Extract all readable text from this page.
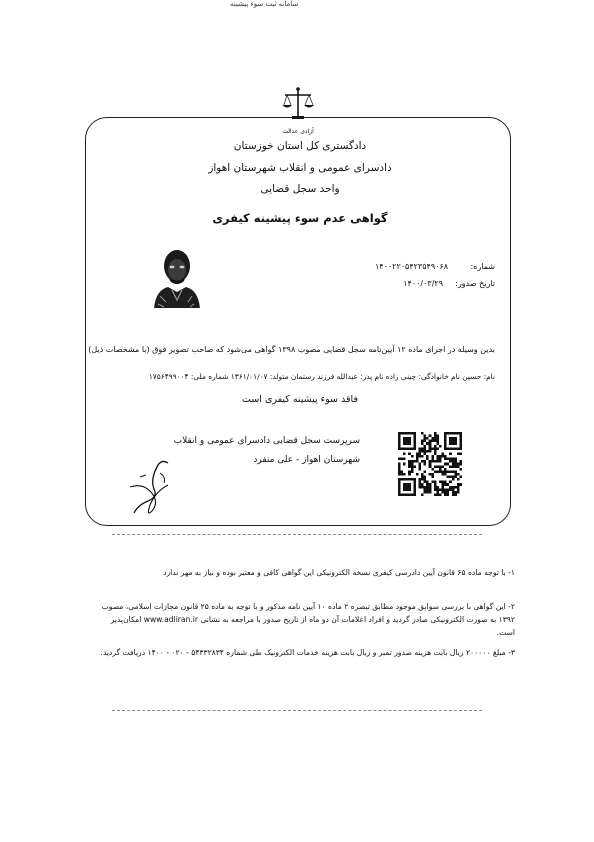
سامانه ثبت سوء پیشینه
آزادی عدالت
دادگستری کل استان خوزستان
دادسرای عمومی و انقلاب شهرستان اهواز
واحد سجل قضایی
گواهی عدم سوء پیشینه کیفری
شماره:
۱۴۰۰۲۲۰۵۴۲۳۵۴۹۰۶۸
تاریخ صدور:
۱۴۰۰/۰۳/۲۹
بدین وسیله در اجرای ماده ۱۲ آیین‌نامه سجل قضایی مصوب ۱۳۹۸ گواهی می‌شود که صاحب تصویر فوق (با مشخصات ذیل)
نام: حسین نام خانوادگی: چینی زاده نام پدر: عبدالله فرزند رستمان متولد: ۱۳۶۱/۰۱/۰۷ شماره ملی: ۱۷۵۶۴۹۹۰۰۴
فاقد سوء پیشینه کیفری است
سرپرست سجل قضایی دادسرای عمومی و انقلاب
شهرستان اهواز - علی منفرد
۱- با توجه ماده ۶۵ قانون آیین دادرسی کیفری نسخه الکترونیکی این گواهی کافی و معتبر بوده و نیاز به مهر ندارد
۲- این گواهی با بررسی سوابق موجود مطابق تبصره ۲ ماده ۱۰ آیین نامه مذکور و با توجه به ماده ۲۵ قانون مجازات اسلامی، مصوب ۱۳۹۲ به صورت الکترونیکی صادر گردید و افراد اعلامات آن دو ماه از تاریخ صدور با مراجعه به نشانی www.adliran.ir امکان‌پذیر است.
۳- مبلغ ۲۰۰۰۰۰ ریال بابت هزینه صدور تمبر و ریال بابت هزینه خدمات الکترونیک طی شماره ۵۴۳۳۲۸۳۴ - ۰۲۰ - ۱۴۰۰ دریافت گردید.
